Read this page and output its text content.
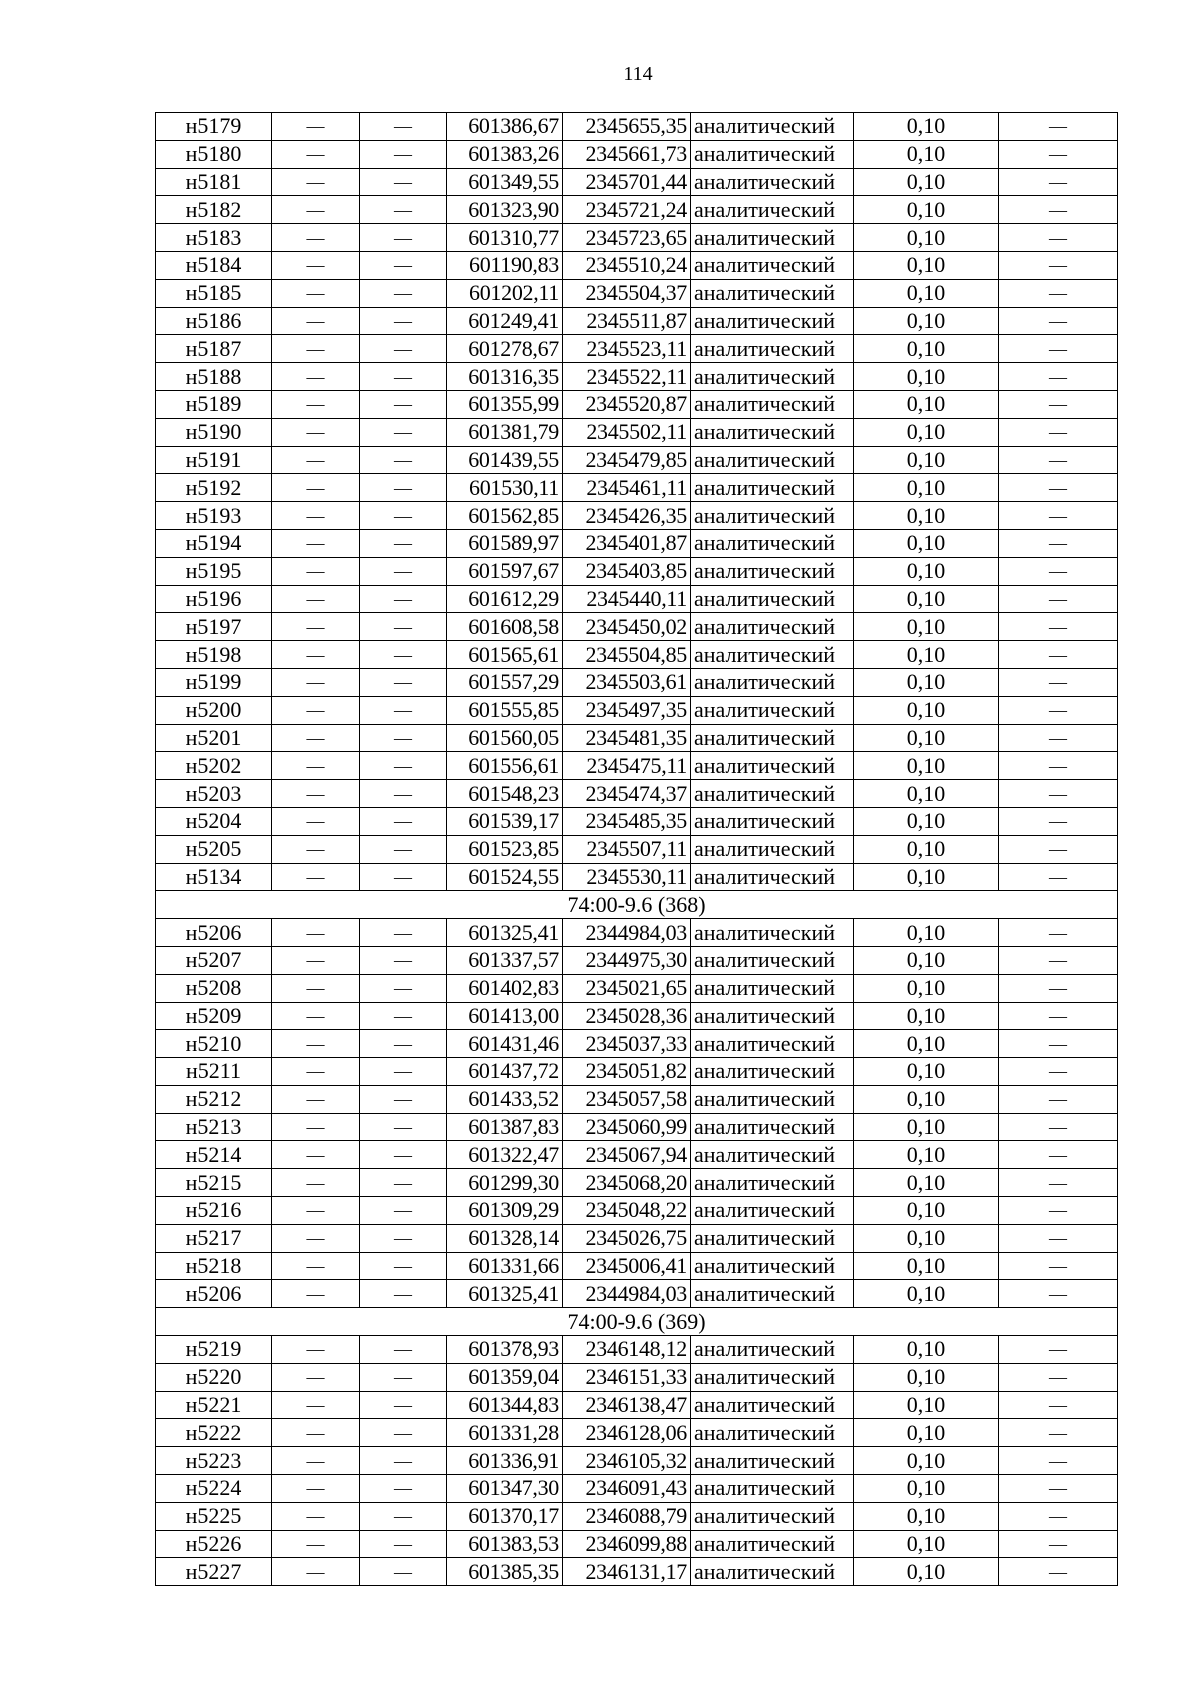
114
н5179	—	—	601386,67	2345655,35	аналитический	0,10	—
н5180	—	—	601383,26	2345661,73	аналитический	0,10	—
н5181	—	—	601349,55	2345701,44	аналитический	0,10	—
н5182	—	—	601323,90	2345721,24	аналитический	0,10	—
н5183	—	—	601310,77	2345723,65	аналитический	0,10	—
н5184	—	—	601190,83	2345510,24	аналитический	0,10	—
н5185	—	—	601202,11	2345504,37	аналитический	0,10	—
н5186	—	—	601249,41	2345511,87	аналитический	0,10	—
н5187	—	—	601278,67	2345523,11	аналитический	0,10	—
н5188	—	—	601316,35	2345522,11	аналитический	0,10	—
н5189	—	—	601355,99	2345520,87	аналитический	0,10	—
н5190	—	—	601381,79	2345502,11	аналитический	0,10	—
н5191	—	—	601439,55	2345479,85	аналитический	0,10	—
н5192	—	—	601530,11	2345461,11	аналитический	0,10	—
н5193	—	—	601562,85	2345426,35	аналитический	0,10	—
н5194	—	—	601589,97	2345401,87	аналитический	0,10	—
н5195	—	—	601597,67	2345403,85	аналитический	0,10	—
н5196	—	—	601612,29	2345440,11	аналитический	0,10	—
н5197	—	—	601608,58	2345450,02	аналитический	0,10	—
н5198	—	—	601565,61	2345504,85	аналитический	0,10	—
н5199	—	—	601557,29	2345503,61	аналитический	0,10	—
н5200	—	—	601555,85	2345497,35	аналитический	0,10	—
н5201	—	—	601560,05	2345481,35	аналитический	0,10	—
н5202	—	—	601556,61	2345475,11	аналитический	0,10	—
н5203	—	—	601548,23	2345474,37	аналитический	0,10	—
н5204	—	—	601539,17	2345485,35	аналитический	0,10	—
н5205	—	—	601523,85	2345507,11	аналитический	0,10	—
н5134	—	—	601524,55	2345530,11	аналитический	0,10	—
74:00-9.6 (368)							
н5206	—	—	601325,41	2344984,03	аналитический	0,10	—
н5207	—	—	601337,57	2344975,30	аналитический	0,10	—
н5208	—	—	601402,83	2345021,65	аналитический	0,10	—
н5209	—	—	601413,00	2345028,36	аналитический	0,10	—
н5210	—	—	601431,46	2345037,33	аналитический	0,10	—
н5211	—	—	601437,72	2345051,82	аналитический	0,10	—
н5212	—	—	601433,52	2345057,58	аналитический	0,10	—
н5213	—	—	601387,83	2345060,99	аналитический	0,10	—
н5214	—	—	601322,47	2345067,94	аналитический	0,10	—
н5215	—	—	601299,30	2345068,20	аналитический	0,10	—
н5216	—	—	601309,29	2345048,22	аналитический	0,10	—
н5217	—	—	601328,14	2345026,75	аналитический	0,10	—
н5218	—	—	601331,66	2345006,41	аналитический	0,10	—
н5206	—	—	601325,41	2344984,03	аналитический	0,10	—
74:00-9.6 (369)							
н5219	—	—	601378,93	2346148,12	аналитический	0,10	—
н5220	—	—	601359,04	2346151,33	аналитический	0,10	—
н5221	—	—	601344,83	2346138,47	аналитический	0,10	—
н5222	—	—	601331,28	2346128,06	аналитический	0,10	—
н5223	—	—	601336,91	2346105,32	аналитический	0,10	—
н5224	—	—	601347,30	2346091,43	аналитический	0,10	—
н5225	—	—	601370,17	2346088,79	аналитический	0,10	—
н5226	—	—	601383,53	2346099,88	аналитический	0,10	—
н5227	—	—	601385,35	2346131,17	аналитический	0,10	—
